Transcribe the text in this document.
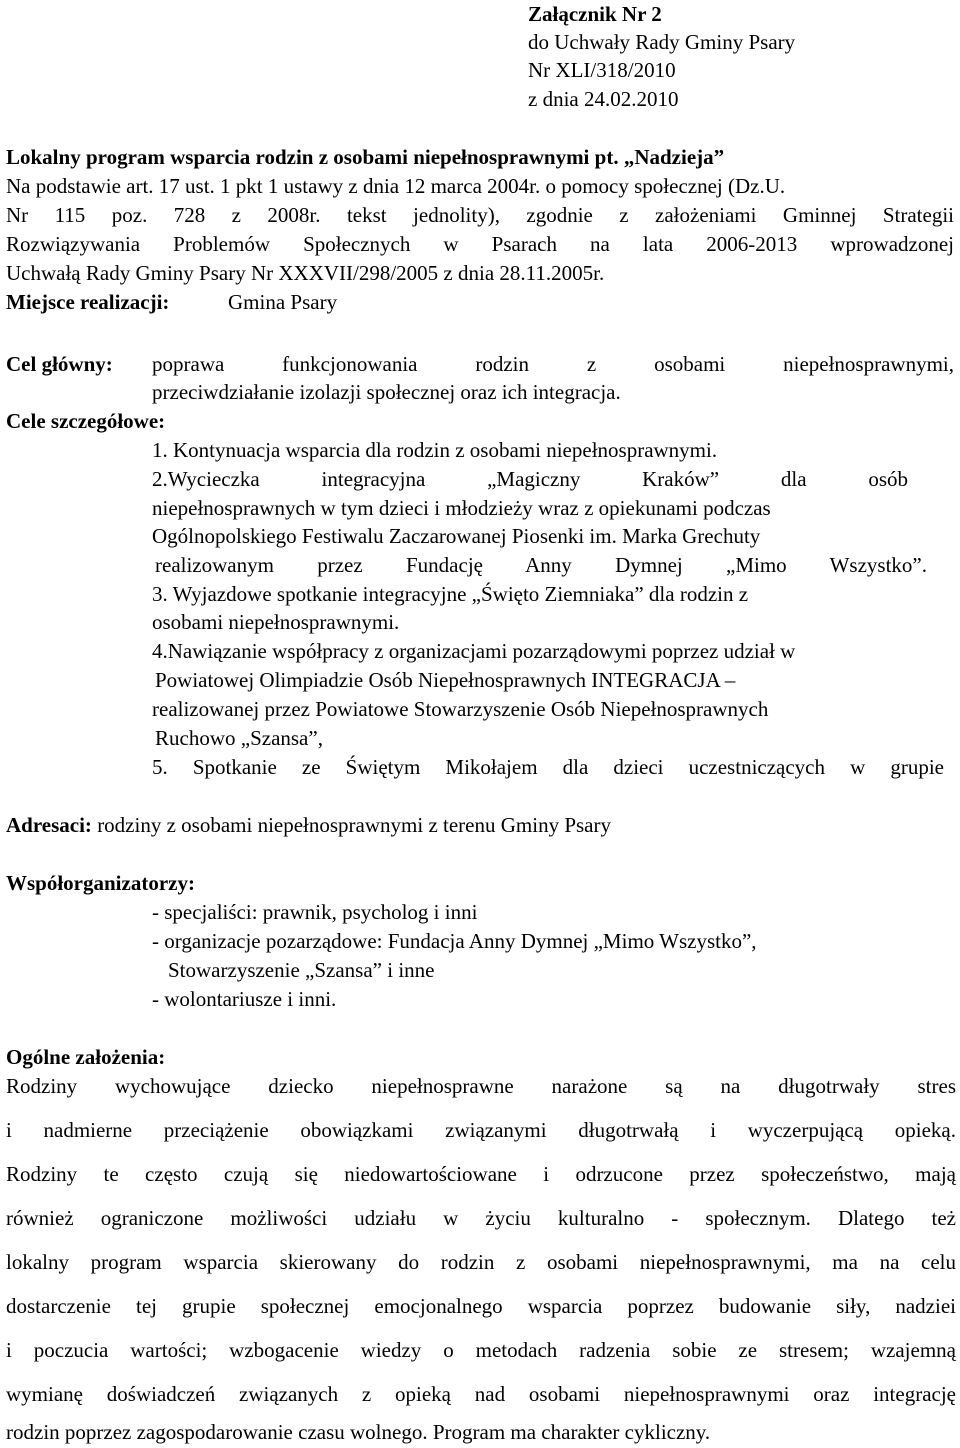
Załącznik Nr 2
do Uchwały Rady Gminy Psary
Nr XLI/318/2010
z dnia 24.02.2010
Lokalny program wsparcia rodzin z osobami niepełnosprawnymi pt. „Nadzieja”
Na podstawie art. 17 ust. 1 pkt 1 ustawy z dnia 12 marca 2004r. o pomocy społecznej (Dz.U.
Nr 115 poz. 728 z 2008r. tekst jednolity), zgodnie z założeniami Gminnej Strategii
Rozwiązywania Problemów Społecznych w Psarach na lata 2006-2013 wprowadzonej
Uchwałą Rady Gminy Psary Nr XXXVII/298/2005 z dnia 28.11.2005r.
Miejsce realizacji:	Gmina Psary
Cel główny: poprawa funkcjonowania rodzin z osobami niepełnosprawnymi,
przeciwdziałanie izolazji społecznej oraz ich integracja.
Cele szczegółowe:
1. Kontynuacja wsparcia dla rodzin z osobami niepełnosprawnymi.
2.Wycieczka integracyjna „Magiczny Kraków” dla osób
niepełnosprawnych w tym dzieci i młodzieży wraz z opiekunami podczas
Ogólnopolskiego Festiwalu Zaczarowanej Piosenki im. Marka Grechuty
realizowanym przez Fundację Anny Dymnej „Mimo Wszystko”.
3. Wyjazdowe spotkanie integracyjne „Święto Ziemniaka” dla rodzin z
osobami niepełnosprawnymi.
4.Nawiązanie współpracy z organizacjami pozarządowymi poprzez udział w
Powiatowej Olimpiadzie Osób Niepełnosprawnych INTEGRACJA –
realizowanej przez Powiatowe Stowarzyszenie Osób Niepełnosprawnych
Ruchowo „Szansa”,
5. Spotkanie ze Świętym Mikołajem dla dzieci uczestniczących w grupie
Adresaci: rodziny z osobami niepełnosprawnymi z terenu Gminy Psary
Współorganizatorzy:
- specjaliści: prawnik, psycholog i inni
- organizacje pozarządowe: Fundacja Anny Dymnej „Mimo Wszystko”,
Stowarzyszenie „Szansa” i inne
- wolontariusze i inni.
Ogólne założenia:
Rodziny wychowujące dziecko niepełnosprawne narażone są na długotrwały stres
i nadmierne przeciążenie obowiązkami związanymi długotrwałą i wyczerpującą opieką.
Rodziny te często czują się niedowartościowane i odrzucone przez społeczeństwo, mają
również ograniczone możliwości udziału w życiu kulturalno - społecznym. Dlatego też
lokalny program wsparcia skierowany do rodzin z osobami niepełnosprawnymi, ma na celu
dostarczenie tej grupie społecznej emocjonalnego wsparcia poprzez budowanie siły, nadziei
i poczucia wartości; wzbogacenie wiedzy o metodach radzenia sobie ze stresem; wzajemną
wymianę doświadczeń związanych z opieką nad osobami niepełnosprawnymi oraz integrację
rodzin poprzez zagospodarowanie czasu wolnego. Program ma charakter cykliczny.
